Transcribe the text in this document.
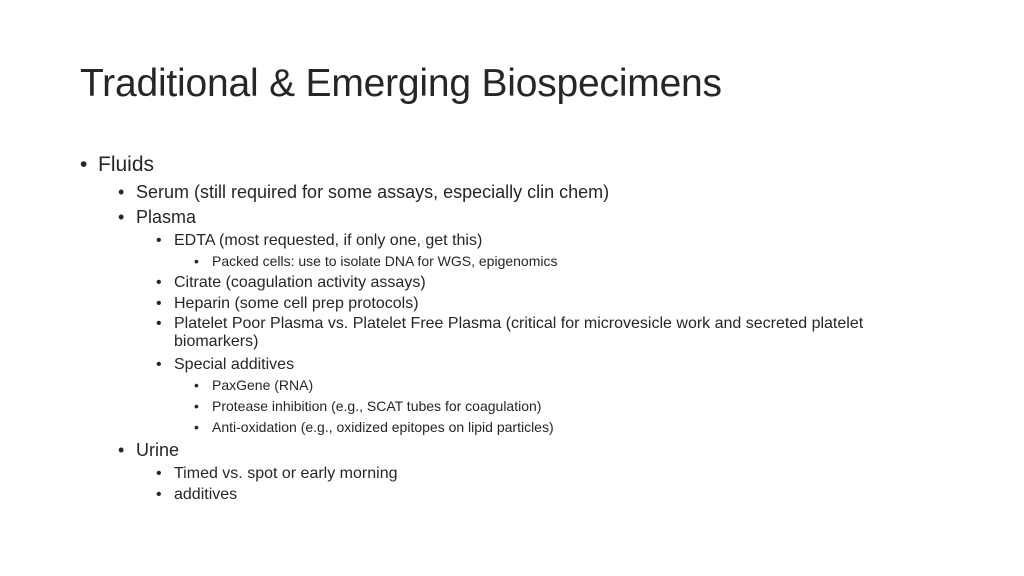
Traditional & Emerging Biospecimens
• Fluids
• Serum (still required for some assays, especially clin chem)
• Plasma
• EDTA (most requested, if only one, get this)
• Packed cells: use to isolate DNA for WGS, epigenomics
• Citrate (coagulation activity assays)
• Heparin (some cell prep protocols)
• Platelet Poor Plasma vs. Platelet Free Plasma (critical for microvesicle work and secreted platelet biomarkers)
• Special additives
• PaxGene (RNA)
• Protease inhibition (e.g., SCAT tubes for coagulation)
• Anti-oxidation (e.g., oxidized epitopes on lipid particles)
• Urine
• Timed vs. spot or early morning
• additives
